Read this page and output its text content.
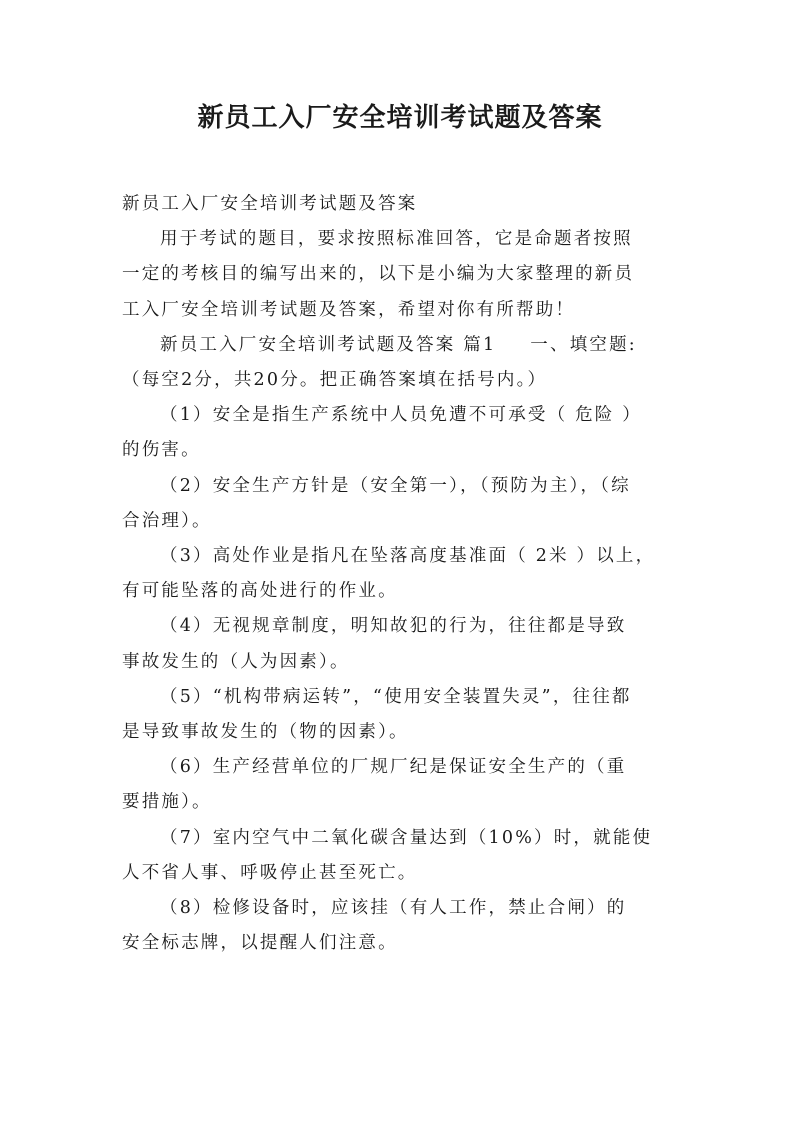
新员工入厂安全培训考试题及答案

新员工入厂安全培训考试题及答案

用于考试的题目，要求按照标准回答，它是命题者按照

一定的考核目的编写出来的，以下是小编为大家整理的新员

工入厂安全培训考试题及答案，希望对你有所帮助！

新员工入厂安全培训考试题及答案 篇1 一、填空题:

（每空2分，共20分。把正确答案填在括号内。）

（1）安全是指生产系统中人员免遭不可承受（ 危险 ）

的伤害。

（2）安全生产方针是（安全第一），（预防为主），（综

合治理）。

（3）高处作业是指凡在坠落高度基准面（ 2米 ）以上，

有可能坠落的高处进行的作业。

（4）无视规章制度，明知故犯的行为，往往都是导致

事故发生的（人为因素）。

（5）“机构带病运转”，“使用安全装置失灵”，往往都

是导致事故发生的（物的因素）。

（6）生产经营单位的厂规厂纪是保证安全生产的（重

要措施）。

（7）室内空气中二氧化碳含量达到（10%）时，就能使

人不省人事、呼吸停止甚至死亡。

（8）检修设备时，应该挂（有人工作，禁止合闸）的

安全标志牌，以提醒人们注意。
